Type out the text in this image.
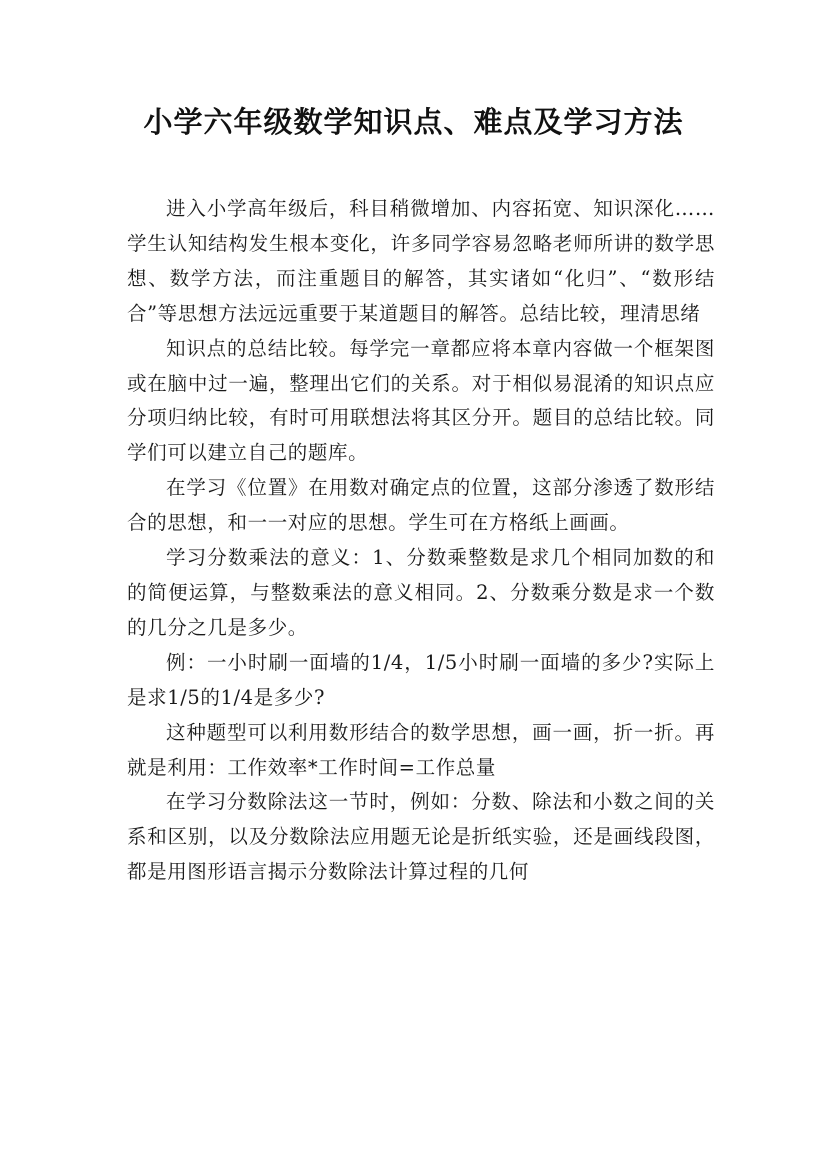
小学六年级数学知识点、难点及学习方法

进入小学高年级后，科目稍微增加、内容拓宽、知识深化……学生认知结构发生根本变化，许多同学容易忽略老师所讲的数学思想、数学方法，而注重题目的解答，其实诸如“化归”、“数形结合”等思想方法远远重要于某道题目的解答。总结比较，理清思绪

知识点的总结比较。每学完一章都应将本章内容做一个框架图或在脑中过一遍，整理出它们的关系。对于相似易混淆的知识点应分项归纳比较，有时可用联想法将其区分开。题目的总结比较。同学们可以建立自己的题库。

在学习《位置》在用数对确定点的位置，这部分渗透了数形结合的思想，和一一对应的思想。学生可在方格纸上画画。

学习分数乘法的意义：1、分数乘整数是求几个相同加数的和的简便运算，与整数乘法的意义相同。2、分数乘分数是求一个数的几分之几是多少。

例：一小时刷一面墙的1/4，1/5小时刷一面墙的多少?实际上是求1/5的1/4是多少?

这种题型可以利用数形结合的数学思想，画一画，折一折。再就是利用：工作效率*工作时间=工作总量

在学习分数除法这一节时，例如：分数、除法和小数之间的关系和区别，以及分数除法应用题无论是折纸实验，还是画线段图，都是用图形语言揭示分数除法计算过程的几何
